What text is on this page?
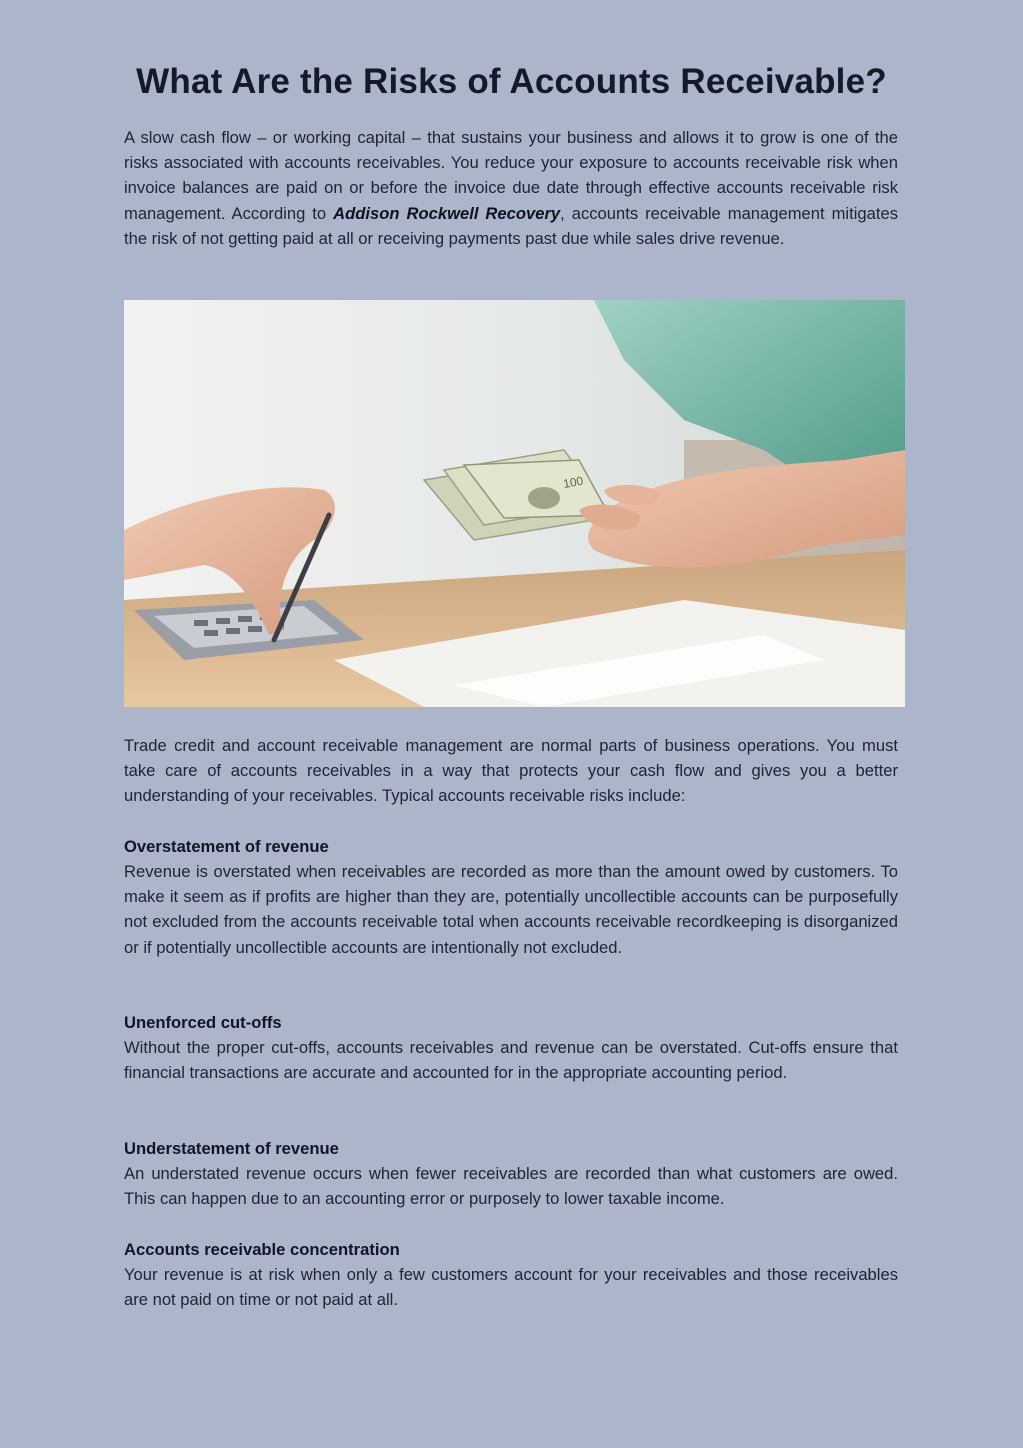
What Are the Risks of Accounts Receivable?

A slow cash flow – or working capital – that sustains your business and allows it to grow is one of the risks associated with accounts receivables. You reduce your exposure to accounts receivable risk when invoice balances are paid on or before the invoice due date through effective accounts receivable risk management. According to Addison Rockwell Recovery, accounts receivable management mitigates the risk of not getting paid at all or receiving payments past due while sales drive revenue.

100

Trade credit and account receivable management are normal parts of business operations. You must take care of accounts receivables in a way that protects your cash flow and gives you a better understanding of your receivables. Typical accounts receivable risks include:

Overstatement of revenue

Revenue is overstated when receivables are recorded as more than the amount owed by customers. To make it seem as if profits are higher than they are, potentially uncollectible accounts can be purposefully not excluded from the accounts receivable total when accounts receivable recordkeeping is disorganized or if potentially uncollectible accounts are intentionally not excluded.

Unenforced cut-offs

Without the proper cut-offs, accounts receivables and revenue can be overstated. Cut-offs ensure that financial transactions are accurate and accounted for in the appropriate accounting period.

Understatement of revenue

An understated revenue occurs when fewer receivables are recorded than what customers are owed. This can happen due to an accounting error or purposely to lower taxable income.

Accounts receivable concentration

Your revenue is at risk when only a few customers account for your receivables and those receivables are not paid on time or not paid at all.
